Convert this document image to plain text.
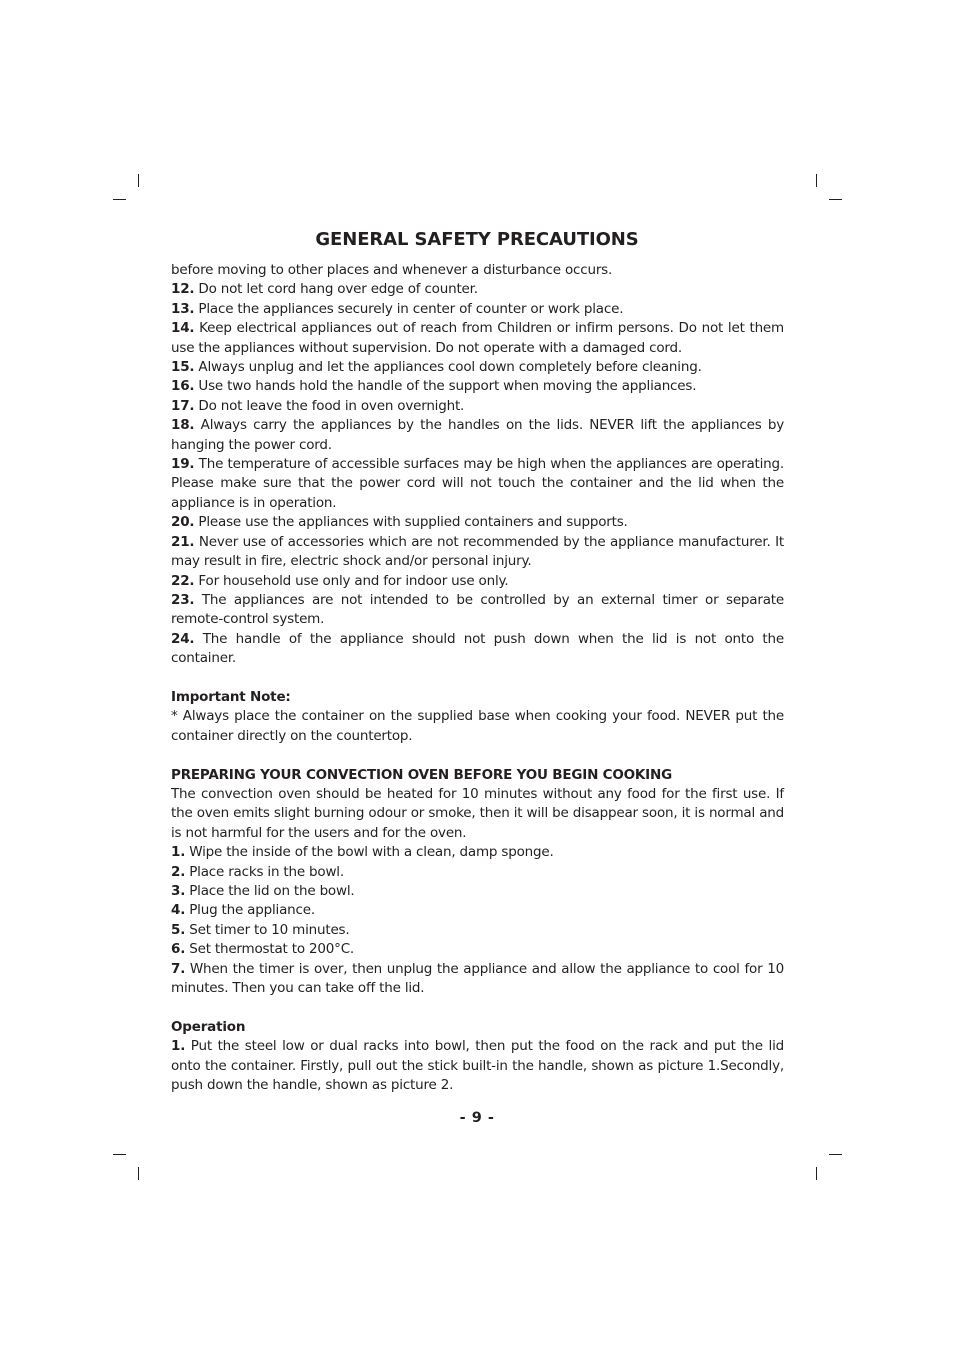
GENERAL SAFETY PRECAUTIONS

before moving to other places and whenever a disturbance occurs.

12. Do not let cord hang over edge of counter.

13. Place the appliances securely in center of counter or work place.

14. Keep electrical appliances out of reach from Children or infirm persons. Do not let them use the appliances without supervision. Do not operate with a damaged cord.

15. Always unplug and let the appliances cool down completely before cleaning.

16. Use two hands hold the handle of the support when moving the appliances.

17. Do not leave the food in oven overnight.

18. Always carry the appliances by the handles on the lids. NEVER lift the appliances by hanging the power cord.

19. The temperature of accessible surfaces may be high when the appliances are operating. Please make sure that the power cord will not touch the container and the lid when the appliance is in operation.

20. Please use the appliances with supplied containers and supports.

21. Never use of accessories which are not recommended by the appliance manufacturer. It may result in fire, electric shock and/or personal injury.

22. For household use only and for indoor use only.

23. The appliances are not intended to be controlled by an external timer or separate remote-control system.

24. The handle of the appliance should not push down when the lid is not onto the container.

Important Note:

* Always place the container on the supplied base when cooking your food. NEVER put the container directly on the countertop.

PREPARING YOUR CONVECTION OVEN BEFORE YOU BEGIN COOKING

The convection oven should be heated for 10 minutes without any food for the first use. If the oven emits slight burning odour or smoke, then it will be disappear soon, it is normal and is not harmful for the users and for the oven.

1. Wipe the inside of the bowl with a clean, damp sponge.

2. Place racks in the bowl.

3. Place the lid on the bowl.

4. Plug the appliance.

5. Set timer to 10 minutes.

6. Set thermostat to 200°C.

7. When the timer is over, then unplug the appliance and allow the appliance to cool for 10 minutes. Then you can take off the lid.

Operation

1. Put the steel low or dual racks into bowl, then put the food on the rack and put the lid onto the container. Firstly, pull out the stick built-in the handle, shown as picture 1.Secondly, push down the handle, shown as picture 2.

- 9 -
